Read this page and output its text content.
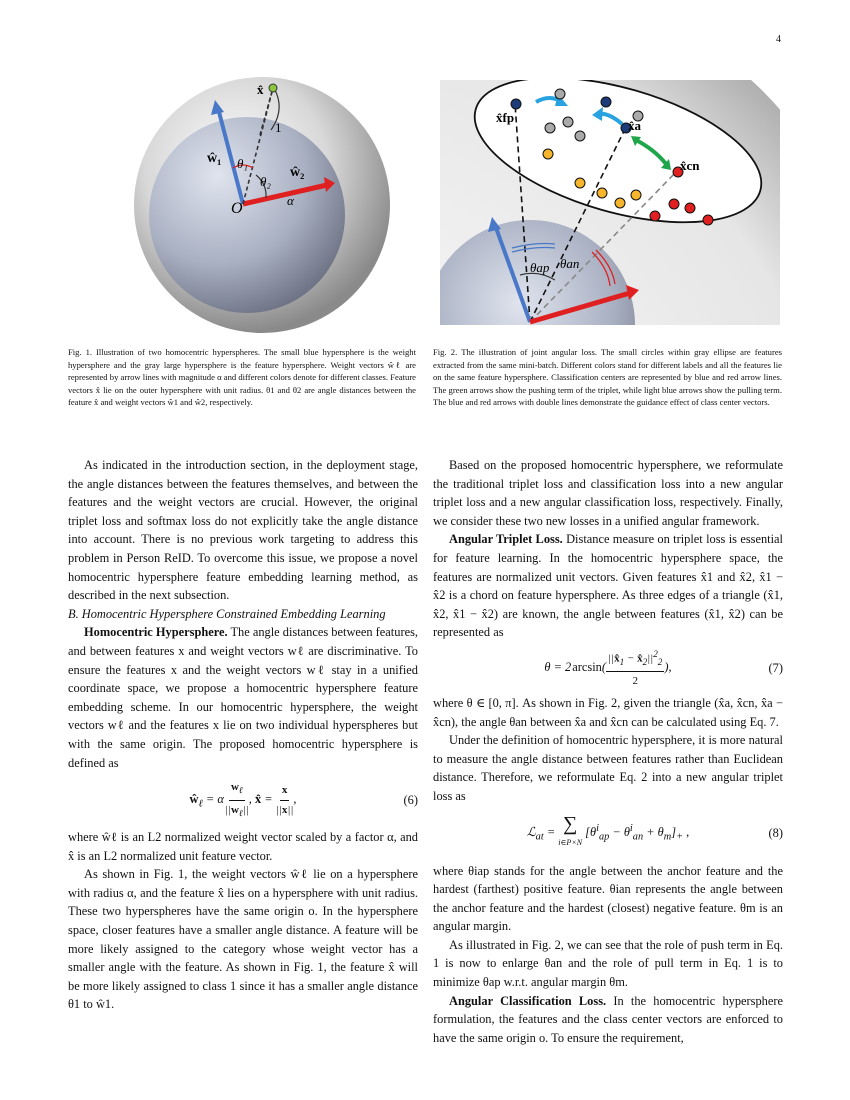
4
x̂
1
ŵ₁ θ₁
θ₂
ŵ₂
O	α
x̂fp
x̂a
x̂cn
θap θan
Fig. 1. Illustration of two homocentric hyperspheres. The small blue hypersphere is the weight hypersphere and the gray large hypersphere is the feature hypersphere. Weight vectors ŵℓ are represented by arrow lines with magnitude α and different colors denote for different classes. Feature vectors x̂ lie on the outer hypersphere with unit radius. θ1 and θ2 are angle distances between the feature x̂ and weight vectors ŵ1 and ŵ2, respectively.
Fig. 2. The illustration of joint angular loss. The small circles within gray ellipse are features extracted from the same mini-batch. Different colors stand for different labels and all the features lie on the same feature hypersphere. Classification centers are represented by blue and red arrow lines. The green arrows show the pushing term of the triplet, while light blue arrows show the pulling term. The blue and red arrows with double lines demonstrate the guidance effect of class center vectors.

As indicated in the introduction section, in the deployment stage, the angle distances between the features themselves, and between the features and the weight vectors are crucial. However, the original triplet loss and softmax loss do not explicitly take the angle distance into account. There is no previous work targeting to address this problem in Person ReID. To overcome this issue, we propose a novel homocentric hypersphere feature embedding learning method, as described in the next subsection.

B. Homocentric Hypersphere Constrained Embedding Learning

Homocentric Hypersphere. The angle distances between features, and between features x and weight vectors wℓ are discriminative. To ensure the features x and the weight vectors wℓ stay in a unified coordinate space, we propose a homocentric hypersphere feature embedding scheme. In our homocentric hypersphere, the weight vectors wℓ and the features x lie on two individual hyperspheres but with the same origin. The proposed homocentric hypersphere is defined as

$ŵ_\ell = \alpha$ 
$w_\ell$
$||w_\ell||$
, x̂ = $\frac{x}{||x||}$ ,	(6)

where ŵℓ is an L2 normalized weight vector scaled by a factor α, and x̂ is an L2 normalized unit feature vector.

As shown in Fig. 1, the weight vectors ŵℓ lie on a hypersphere with radius α, and the feature x̂ lies on a hypersphere with unit radius. These two hyperspheres have the same origin o. In the hypersphere space, closer features have a smaller angle distance. A feature will be more likely assigned to the category whose weight vector has a smaller angle with the feature. As shown in Fig. 1, the feature x̂ will be more likely assigned to class 1 since it has a smaller angle distance θ1 to ŵ1.

Based on the proposed homocentric hypersphere, we reformulate the traditional triplet loss and classification loss into a new angular triplet loss and a new angular classification loss, respectively. Finally, we consider these two new losses in a unified angular framework.

Angular Triplet Loss. Distance measure on triplet loss is essential for feature learning. In the homocentric hypersphere space, the features are normalized unit vectors. Given features x̂1 and x̂2, x̂1 − x̂2 is a chord on feature hypersphere. As three edges of a triangle (x̂1, x̂2, x̂1 − x̂2) are known, the angle between features (x̂1, x̂2) can be represented as

θ = 2 $\arcsin( \frac{||x̂_1 - x̂_2||^2_2}{2}$ ),	(7)

where θ ∈ [0, π]. As shown in Fig. 2, given the triangle (x̂a, x̂cn, x̂a − x̂cn), the angle θan between x̂a and x̂cn can be calculated using Eq. 7.

Under the definition of homocentric hypersphere, it is more natural to measure the angle distance between features rather than Euclidean distance. Therefore, we reformulate Eq. 2 into a new angular triplet loss as

ℒ$_{at}$ = ∑
i∈P×N
$[\theta^i_{ap} - \theta^i_{an} + \theta_m]_+$ ,	(8)

where θiap stands for the angle between the anchor feature and the hardest (farthest) positive feature. θian represents the angle between the anchor feature and the hardest (closest) negative feature. θm is an angular margin.

As illustrated in Fig. 2, we can see that the role of push term in Eq. 1 is now to enlarge θan and the role of pull term in Eq. 1 is to minimize θap w.r.t. angular margin θm.

Angular Classification Loss. In the homocentric hypersphere formulation, the features and the class center vectors are enforced to have the same origin o. To ensure the requirement,
